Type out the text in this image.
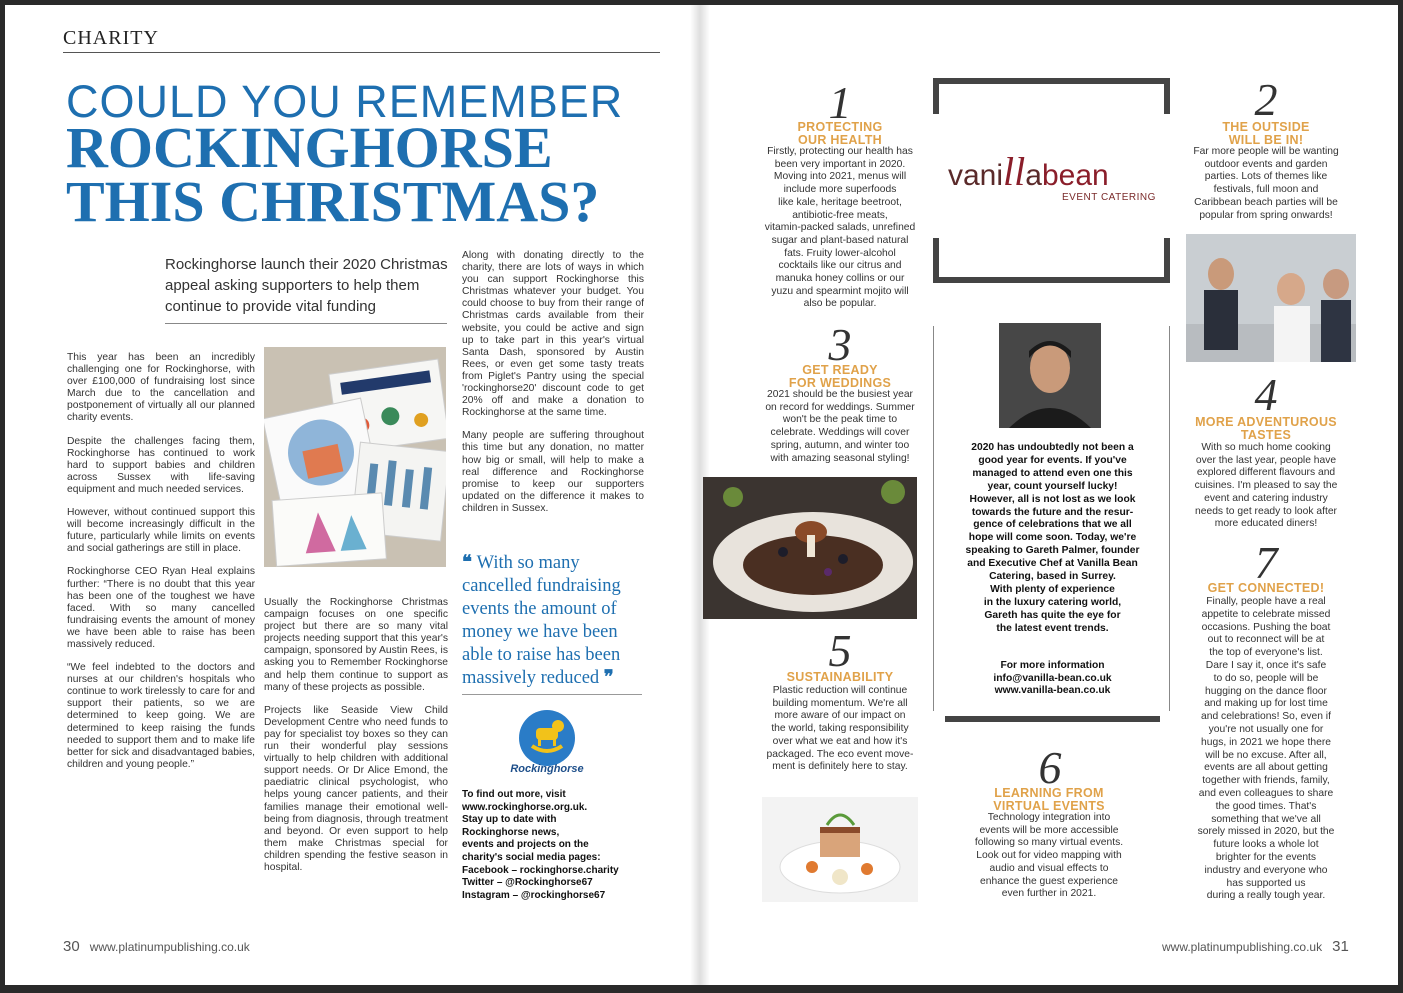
CHARITY
COULD YOU REMEMBER
ROCKINGHORSE
THIS CHRISTMAS?
Rockinghorse launch their 2020 Christmas appeal asking supporters to help them continue to provide vital funding

This year has been an incredibly challenging one for Rockinghorse, with over £100,000 of fundraising lost since March due to the cancellation and postponement of virtually all our planned charity events.

Despite the challenges facing them, Rockinghorse has continued to work hard to support babies and children across Sussex with life-saving equipment and much needed services.

However, without continued support this will become increasingly difficult in the future, particularly while limits on events and social gatherings are still in place.

Rockinghorse CEO Ryan Heal explains further: “There is no doubt that this year has been one of the toughest we have faced. With so many cancelled fundraising events the amount of money we have been able to raise has been massively reduced.

“We feel indebted to the doctors and nurses at our children's hospitals who continue to work tirelessly to care for and support their patients, so we are determined to keep going. We are determined to keep raising the funds needed to support them and to make life better for sick and disadvantaged babies, children and young people.”

Usually the Rockinghorse Christmas campaign focuses on one specific project but there are so many vital projects needing support that this year's campaign, sponsored by Austin Rees, is asking you to Remember Rockinghorse and help them continue to support as many of these projects as possible.

Projects like Seaside View Child Development Centre who need funds to pay for specialist toy boxes so they can run their wonderful play sessions virtually to help children with additional support needs. Or Dr Alice Emond, the paediatric clinical psychologist, who helps young cancer patients, and their families manage their emotional well-being from diagnosis, through treatment and beyond. Or even support to help them make Christmas special for children spending the festive season in hospital.

Along with donating directly to the charity, there are lots of ways in which you can support Rockinghorse this Christmas whatever your budget. You could choose to buy from their range of Christmas cards available from their website, you could be active and sign up to take part in this year's virtual Santa Dash, sponsored by Austin Rees, or even get some tasty treats from Piglet's Pantry using the special 'rockinghorse20' discount code to get 20% off and make a donation to Rockinghorse at the same time.

Many people are suffering throughout this time but any donation, no matter how big or small, will help to make a real difference and Rockinghorse promise to keep our supporters updated on the difference it makes to children in Sussex.

❝ With so many cancelled fundraising events the amount of money we have been able to raise has been massively reduced ❞
Rockinghorse
To find out more, visit
www.rockinghorse.org.uk.
Stay up to date with
Rockinghorse news,
events and projects on the
charity's social media pages:
Facebook – rockinghorse.charity
Twitter – @Rockinghorse67
Instagram – @rockinghorse67
30 www.platinumpublishing.co.uk
1
PROTECTING
OUR HEALTH
Firstly, protecting our health has
been very important in 2020.
Moving into 2021, menus will
include more superfoods
like kale, heritage beetroot,
antibiotic-free meats,
vitamin-packed salads, unrefined
sugar and plant-based natural
fats. Fruity lower-alcohol
cocktails like our citrus and
manuka honey collins or our
yuzu and spearmint mojito will
also be popular.
3
GET READY
FOR WEDDINGS
2021 should be the busiest year
on record for weddings. Summer
won't be the peak time to
celebrate. Weddings will cover
spring, autumn, and winter too
with amazing seasonal styling!
5
SUSTAINABILITY
Plastic reduction will continue
building momentum. We're all
more aware of our impact on
the world, taking responsibility
over what we eat and how it's
packaged. The eco event move-
ment is definitely here to stay.
vanillabean
EVENT CATERING
2020 has undoubtedly not been a
good year for events. If you've
managed to attend even one this
year, count yourself lucky!
However, all is not lost as we look
towards the future and the resur-
gence of celebrations that we all
hope will come soon. Today, we're
speaking to Gareth Palmer, founder
and Executive Chef at Vanilla Bean
Catering, based in Surrey.
With plenty of experience
in the luxury catering world,
Gareth has quite the eye for
the latest event trends.
For more information
info@vanilla-bean.co.uk
www.vanilla-bean.co.uk
6
LEARNING FROM
VIRTUAL EVENTS
Technology integration into
events will be more accessible
following so many virtual events.
Look out for video mapping with
audio and visual effects to
enhance the guest experience
even further in 2021.
2
THE OUTSIDE
WILL BE IN!
Far more people will be wanting
outdoor events and garden
parties. Lots of themes like
festivals, full moon and
Caribbean beach parties will be
popular from spring onwards!
4
MORE ADVENTUROUS
TASTES
With so much home cooking
over the last year, people have
explored different flavours and
cuisines. I'm pleased to say the
event and catering industry
needs to get ready to look after
more educated diners!
7
GET CONNECTED!
Finally, people have a real
appetite to celebrate missed
occasions. Pushing the boat
out to reconnect will be at
the top of everyone's list.
Dare I say it, once it's safe
to do so, people will be
hugging on the dance floor
and making up for lost time
and celebrations! So, even if
you're not usually one for
hugs, in 2021 we hope there
will be no excuse. After all,
events are all about getting
together with friends, family,
and even colleagues to share
the good times. That's
something that we've all
sorely missed in 2020, but the
future looks a whole lot
brighter for the events
industry and everyone who
has supported us
during a really tough year.
www.platinumpublishing.co.uk 31
